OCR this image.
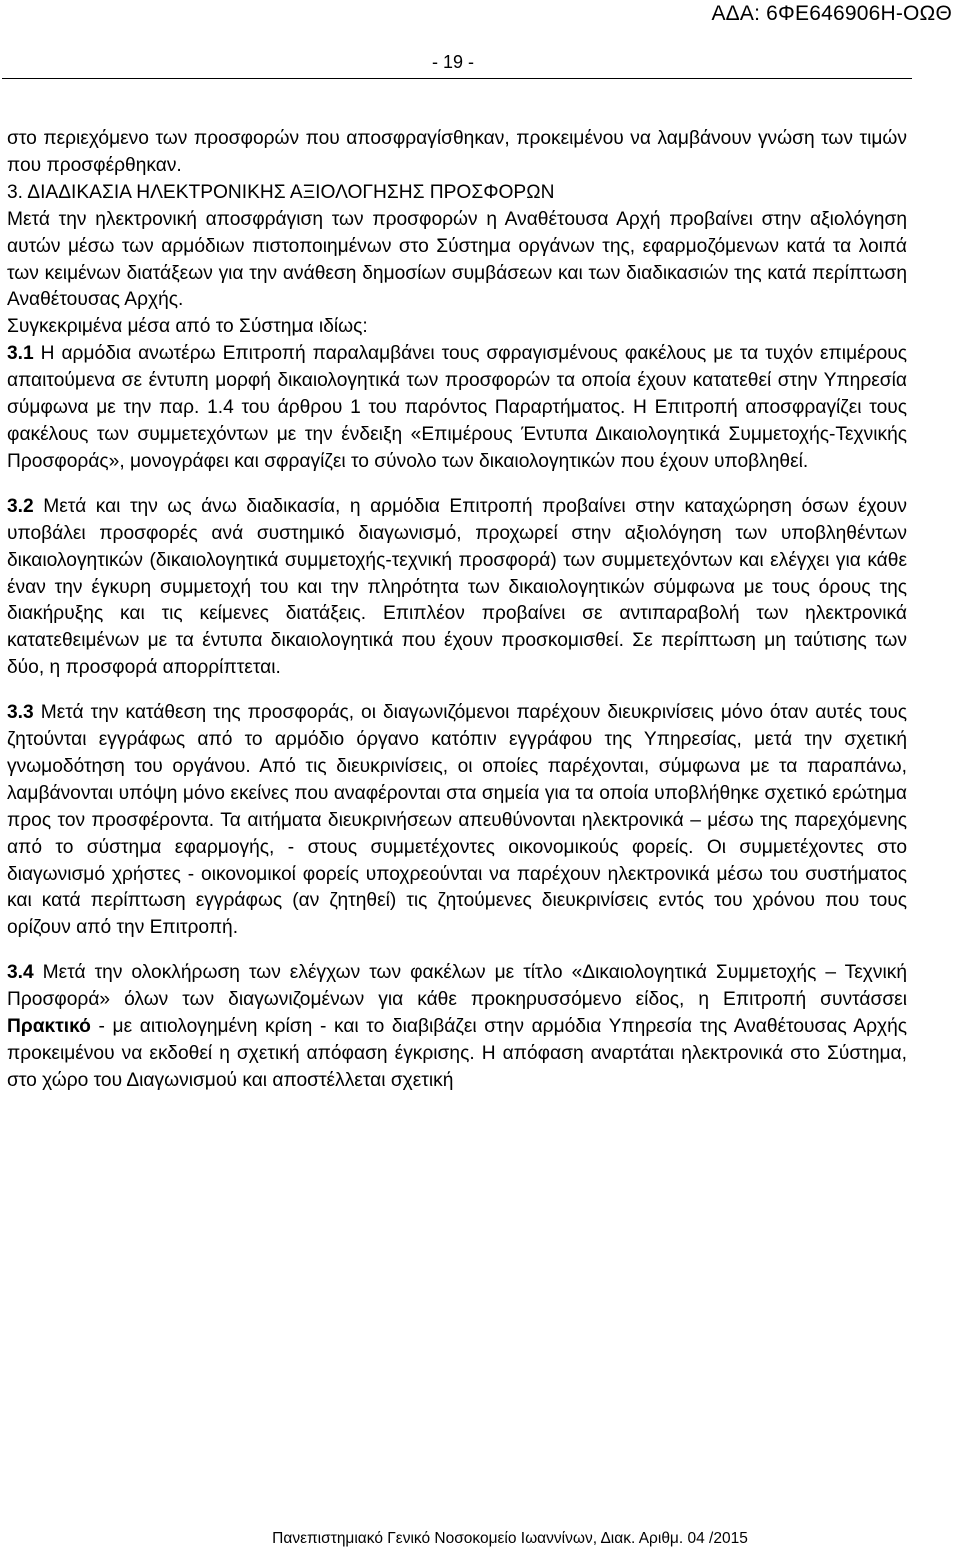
ΑΔΑ: 6ΦΕ646906Η-ΟΩΘ
- 19 -

στο περιεχόμενο των προσφορών που αποσφραγίσθηκαν, προκειμένου να λαμβάνουν γνώση των τιμών που προσφέρθηκαν.

3. ΔΙΑΔΙΚΑΣΙΑ ΗΛΕΚΤΡΟΝΙΚΗΣ ΑΞΙΟΛΟΓΗΣΗΣ ΠΡΟΣΦΟΡΩΝ

Μετά την ηλεκτρονική αποσφράγιση των προσφορών η Αναθέτουσα Αρχή προβαίνει στην αξιολόγηση αυτών μέσω των αρμόδιων πιστοποιημένων στο Σύστημα οργάνων της, εφαρμοζόμενων κατά τα λοιπά των κειμένων διατάξεων για την ανάθεση δημοσίων συμβάσεων και των διαδικασιών της κατά περίπτωση Αναθέτουσας Αρχής.

Συγκεκριμένα μέσα από το Σύστημα ιδίως:

3.1 Η αρμόδια ανωτέρω Επιτροπή παραλαμβάνει τους σφραγισμένους φακέλους με τα τυχόν επιμέρους απαιτούμενα σε έντυπη μορφή δικαιολογητικά των προσφορών τα οποία έχουν κατατεθεί στην Υπηρεσία σύμφωνα με την παρ. 1.4 του άρθρου 1 του παρόντος Παραρτήματος. Η Επιτροπή αποσφραγίζει τους φακέλους των συμμετεχόντων με την ένδειξη «Επιμέρους Έντυπα Δικαιολογητικά Συμμετοχής-Τεχνικής Προσφοράς», μονογράφει και σφραγίζει το σύνολο των δικαιολογητικών που έχουν υποβληθεί.

3.2 Μετά και την ως άνω διαδικασία, η αρμόδια Επιτροπή προβαίνει στην καταχώρηση όσων έχουν υποβάλει προσφορές ανά συστημικό διαγωνισμό, προχωρεί στην αξιολόγηση των υποβληθέντων δικαιολογητικών (δικαιολογητικά συμμετοχής-τεχνική προσφορά) των συμμετεχόντων και ελέγχει για κάθε έναν την έγκυρη συμμετοχή του και την πληρότητα των δικαιολογητικών σύμφωνα με τους όρους της διακήρυξης και τις κείμενες διατάξεις. Επιπλέον προβαίνει σε αντιπαραβολή των ηλεκτρονικά κατατεθειμένων με τα έντυπα δικαιολογητικά που έχουν προσκομισθεί. Σε περίπτωση μη ταύτισης των δύο, η προσφορά απορρίπτεται.

3.3 Μετά την κατάθεση της προσφοράς, οι διαγωνιζόμενοι παρέχουν διευκρινίσεις μόνο όταν αυτές τους ζητούνται εγγράφως από το αρμόδιο όργανο κατόπιν εγγράφου της Υπηρεσίας, μετά την σχετική γνωμοδότηση του οργάνου. Από τις διευκρινίσεις, οι οποίες παρέχονται, σύμφωνα με τα παραπάνω, λαμβάνονται υπόψη μόνο εκείνες που αναφέρονται στα σημεία για τα οποία υποβλήθηκε σχετικό ερώτημα προς τον προσφέροντα. Τα αιτήματα διευκρινήσεων απευθύνονται ηλεκτρονικά – μέσω της παρεχόμενης από το σύστημα εφαρμογής, - στους συμμετέχοντες οικονομικούς φορείς. Οι συμμετέχοντες στο διαγωνισμό χρήστες - οικονομικοί φορείς υποχρεούνται να παρέχουν ηλεκτρονικά μέσω του συστήματος και κατά περίπτωση εγγράφως (αν ζητηθεί) τις ζητούμενες διευκρινίσεις εντός του χρόνου που τους ορίζουν από την Επιτροπή.

3.4 Μετά την ολοκλήρωση των ελέγχων των φακέλων με τίτλο «Δικαιολογητικά Συμμετοχής – Τεχνική Προσφορά» όλων των διαγωνιζομένων για κάθε προκηρυσσόμενο είδος, η Επιτροπή συντάσσει Πρακτικό - με αιτιολογημένη κρίση - και το διαβιβάζει στην αρμόδια Υπηρεσία της Αναθέτουσας Αρχής προκειμένου να εκδοθεί η σχετική απόφαση έγκρισης. Η απόφαση αναρτάται ηλεκτρονικά στο Σύστημα, στο χώρο του Διαγωνισμού και αποστέλλεται σχετική

Πανεπιστημιακό Γενικό Νοσοκομείο Ιωαννίνων, Διακ. Αριθμ. 04 /2015
